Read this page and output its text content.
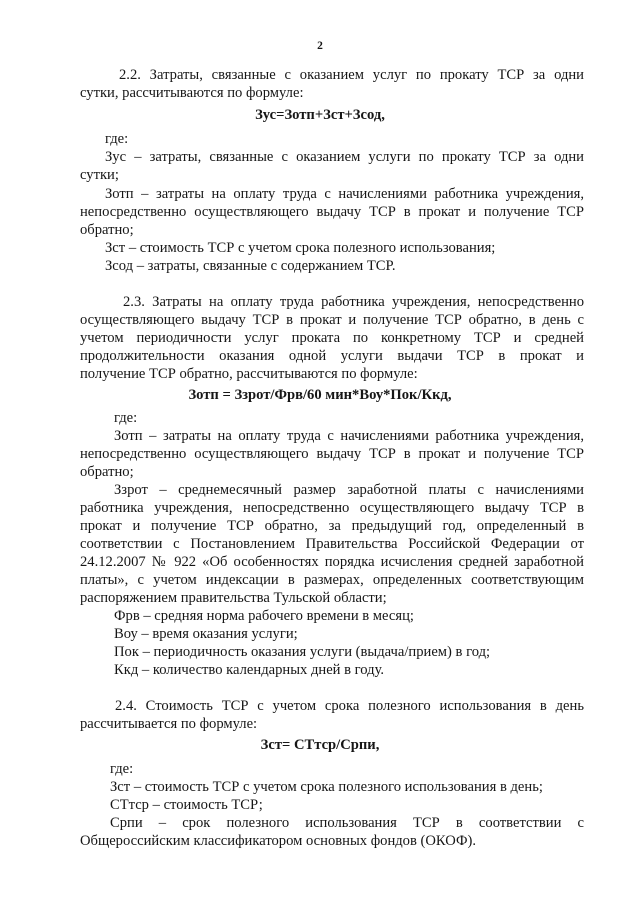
2
2.2. Затраты, связанные с оказанием услуг по прокату ТСР за одни
сутки, рассчитываются по формуле:
Зус=Зотп+Зст+Зсод,
где:
Зус – затраты, связанные с оказанием услуги по прокату ТСР за одни
сутки;
Зотп – затраты на оплату труда с начислениями работника учреждения,
непосредственно осуществляющего выдачу ТСР в прокат и получение ТСР
обратно;
Зст – стоимость ТСР с учетом срока полезного использования;
Зсод – затраты, связанные с содержанием ТСР.
2.3. Затраты на оплату труда работника учреждения, непосредственно
осуществляющего выдачу ТСР в прокат и получение ТСР обратно, в день с
учетом периодичности услуг проката по конкретному ТСР и средней
продолжительности оказания одной услуги выдачи ТСР в прокат и
получение ТСР обратно, рассчитываются по формуле:
Зотп = Ззрот/Фрв/60 мин*Воу*Пок/Ккд,
где:
Зотп – затраты на оплату труда с начислениями работника учреждения,
непосредственно осуществляющего выдачу ТСР в прокат и получение ТСР
обратно;
Ззрот – среднемесячный размер заработной платы с начислениями
работника учреждения, непосредственно осуществляющего выдачу ТСР в
прокат и получение ТСР обратно, за предыдущий год, определенный в
соответствии с Постановлением Правительства Российской Федерации от
24.12.2007 № 922 «Об особенностях порядка исчисления средней заработной
платы», с учетом индексации в размерах, определенных соответствующим
распоряжением правительства Тульской области;
Фрв – средняя норма рабочего времени в месяц;
Воу – время оказания услуги;
Пок – периодичность оказания услуги (выдача/прием) в год;
Ккд – количество календарных дней в году.
2.4. Стоимость ТСР с учетом срока полезного использования в день
рассчитывается по формуле:
Зст= СТтср/Српи,
где:
Зст – стоимость ТСР с учетом срока полезного использования в день;
СТтср – стоимость ТСР;
Српи – срок полезного использования ТСР в соответствии с
Общероссийским классификатором основных фондов (ОКОФ).
